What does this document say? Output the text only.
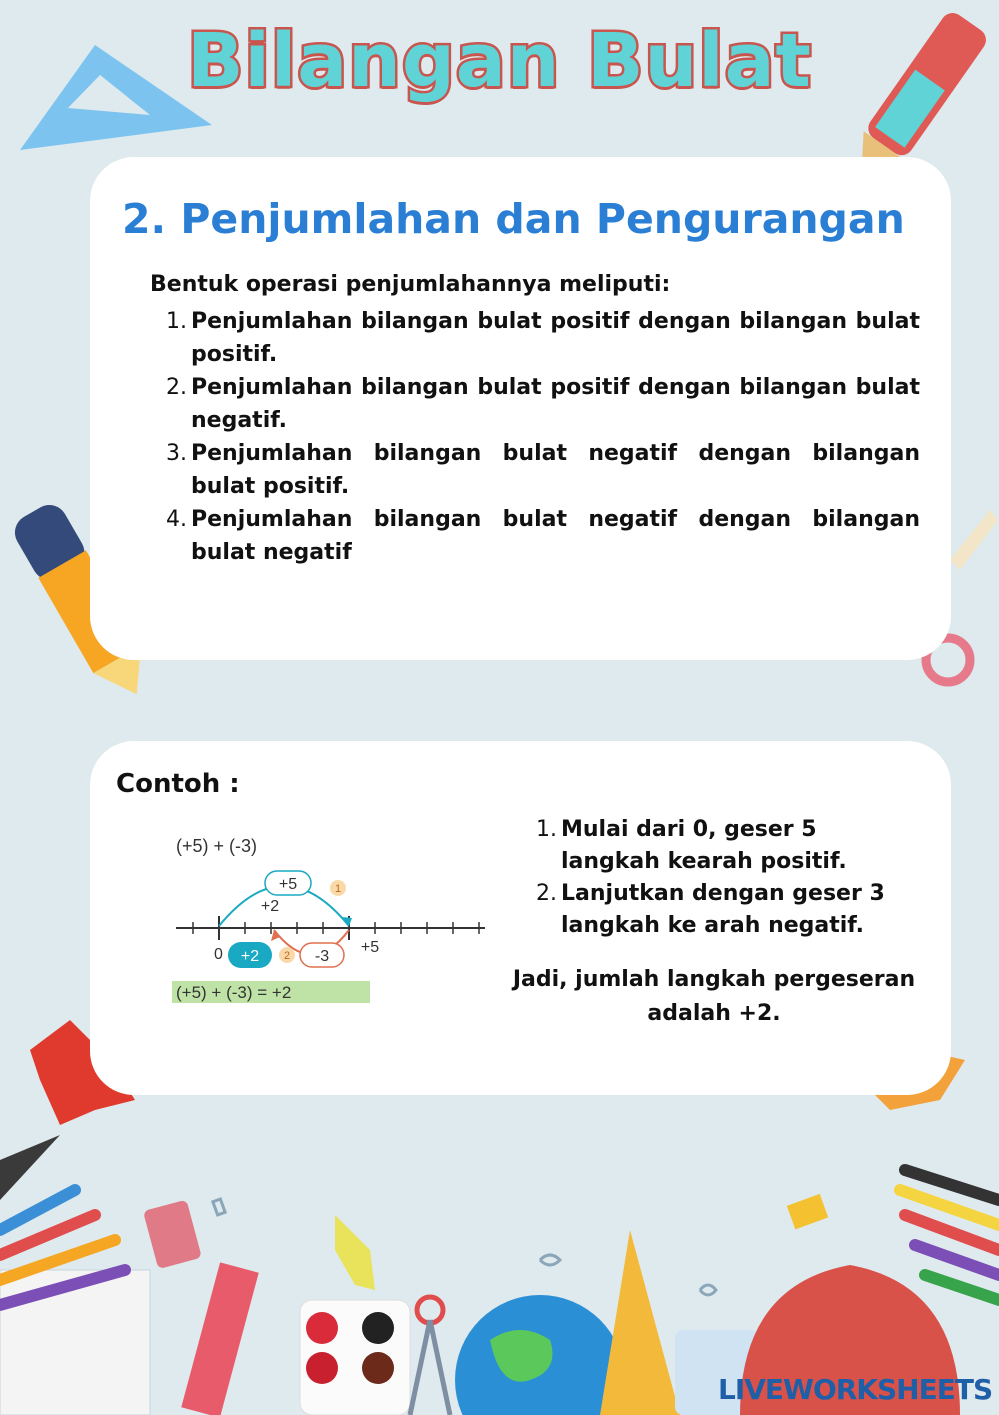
Bilangan Bulat
2. Penjumlahan dan Pengurangan
Bentuk operasi penjumlahannya meliputi:
1. Penjumlahan bilangan bulat positif dengan bilangan bulat positif.
2. Penjumlahan bilangan bulat positif dengan bilangan bulat negatif.
3. Penjumlahan bilangan bulat negatif dengan bilangan bulat positif.
4. Penjumlahan bilangan bulat negatif dengan bilangan bulat negatif
Contoh :
(+5) + (-3)
+5	1
+2
0 +2 2 -3
+5
(+5) + (-3) = +2
1. Mulai dari 0, geser 5 langkah kearah positif.
2. Lanjutkan dengan geser 3 langkah ke arah negatif.
Jadi, jumlah langkah pergeseran adalah +2.
LIVEWORKSHEETS
